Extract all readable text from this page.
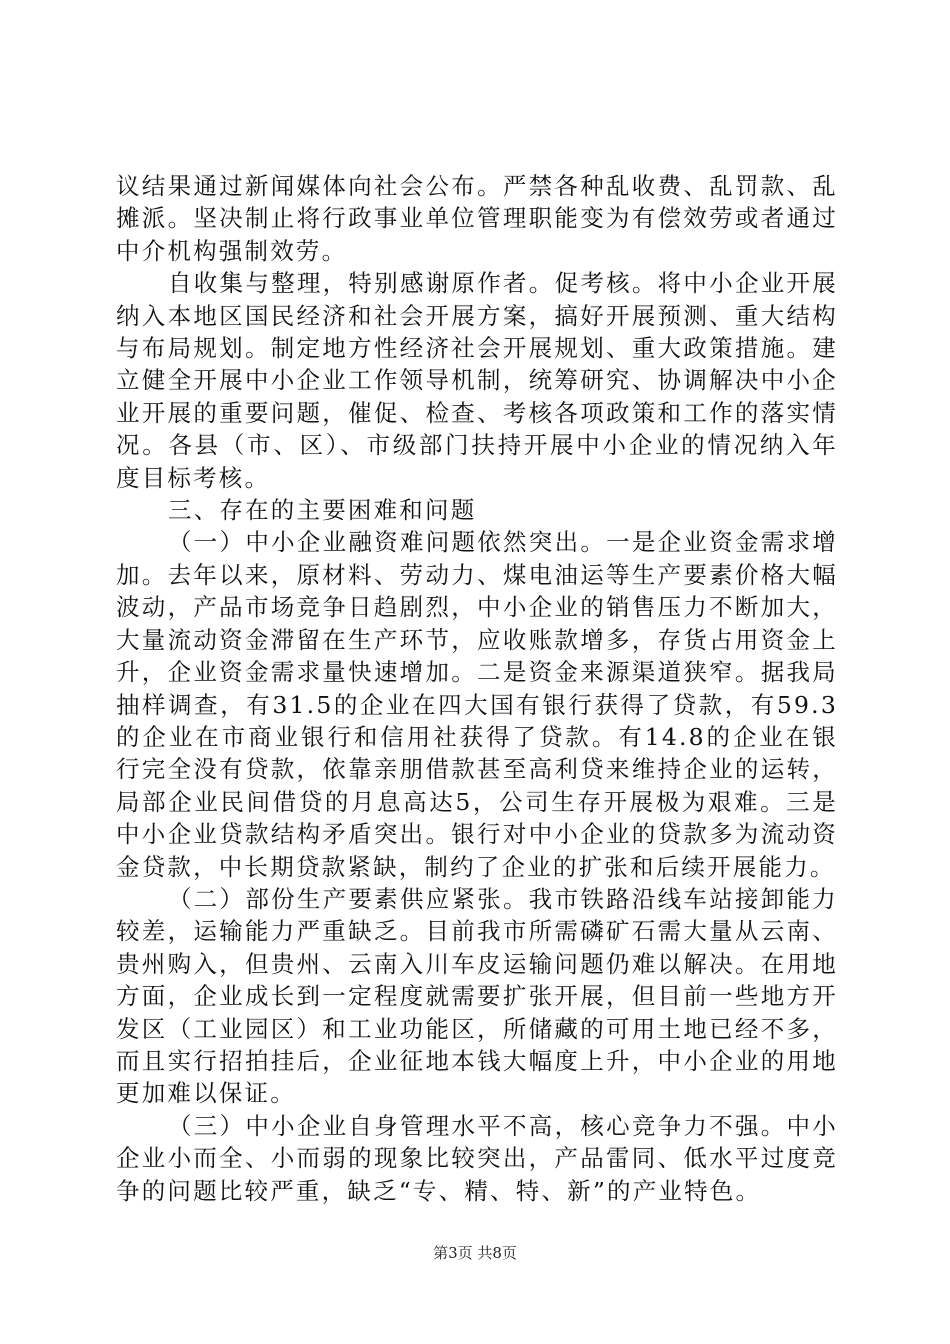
议结果通过新闻媒体向社会公布。严禁各种乱收费、乱罚款、乱摊派。坚决制止将行政事业单位管理职能变为有偿效劳或者通过中介机构强制效劳。

自收集与整理，特别感谢原作者。促考核。将中小企业开展纳入本地区国民经济和社会开展方案，搞好开展预测、重大结构与布局规划。制定地方性经济社会开展规划、重大政策措施。建立健全开展中小企业工作领导机制，统筹研究、协调解决中小企业开展的重要问题，催促、检查、考核各项政策和工作的落实情况。各县（市、区）、市级部门扶持开展中小企业的情况纳入年度目标考核。

三、存在的主要困难和问题

（一）中小企业融资难问题依然突出。一是企业资金需求增加。去年以来，原材料、劳动力、煤电油运等生产要素价格大幅波动，产品市场竞争日趋剧烈，中小企业的销售压力不断加大，大量流动资金滞留在生产环节，应收账款增多，存货占用资金上升，企业资金需求量快速增加。二是资金来源渠道狭窄。据我局抽样调查，有31.5的企业在四大国有银行获得了贷款，有59.3的企业在市商业银行和信用社获得了贷款。有14.8的企业在银行完全没有贷款，依靠亲朋借款甚至高利贷来维持企业的运转，局部企业民间借贷的月息高达5，公司生存开展极为艰难。三是中小企业贷款结构矛盾突出。银行对中小企业的贷款多为流动资金贷款，中长期贷款紧缺，制约了企业的扩张和后续开展能力。

（二）部份生产要素供应紧张。我市铁路沿线车站接卸能力较差，运输能力严重缺乏。目前我市所需磷矿石需大量从云南、贵州购入，但贵州、云南入川车皮运输问题仍难以解决。在用地方面，企业成长到一定程度就需要扩张开展，但目前一些地方开发区（工业园区）和工业功能区，所储藏的可用土地已经不多，而且实行招拍挂后，企业征地本钱大幅度上升，中小企业的用地更加难以保证。

（三）中小企业自身管理水平不高，核心竞争力不强。中小企业小而全、小而弱的现象比较突出，产品雷同、低水平过度竞争的问题比较严重，缺乏“专、精、特、新”的产业特色。

第3页 共8页
